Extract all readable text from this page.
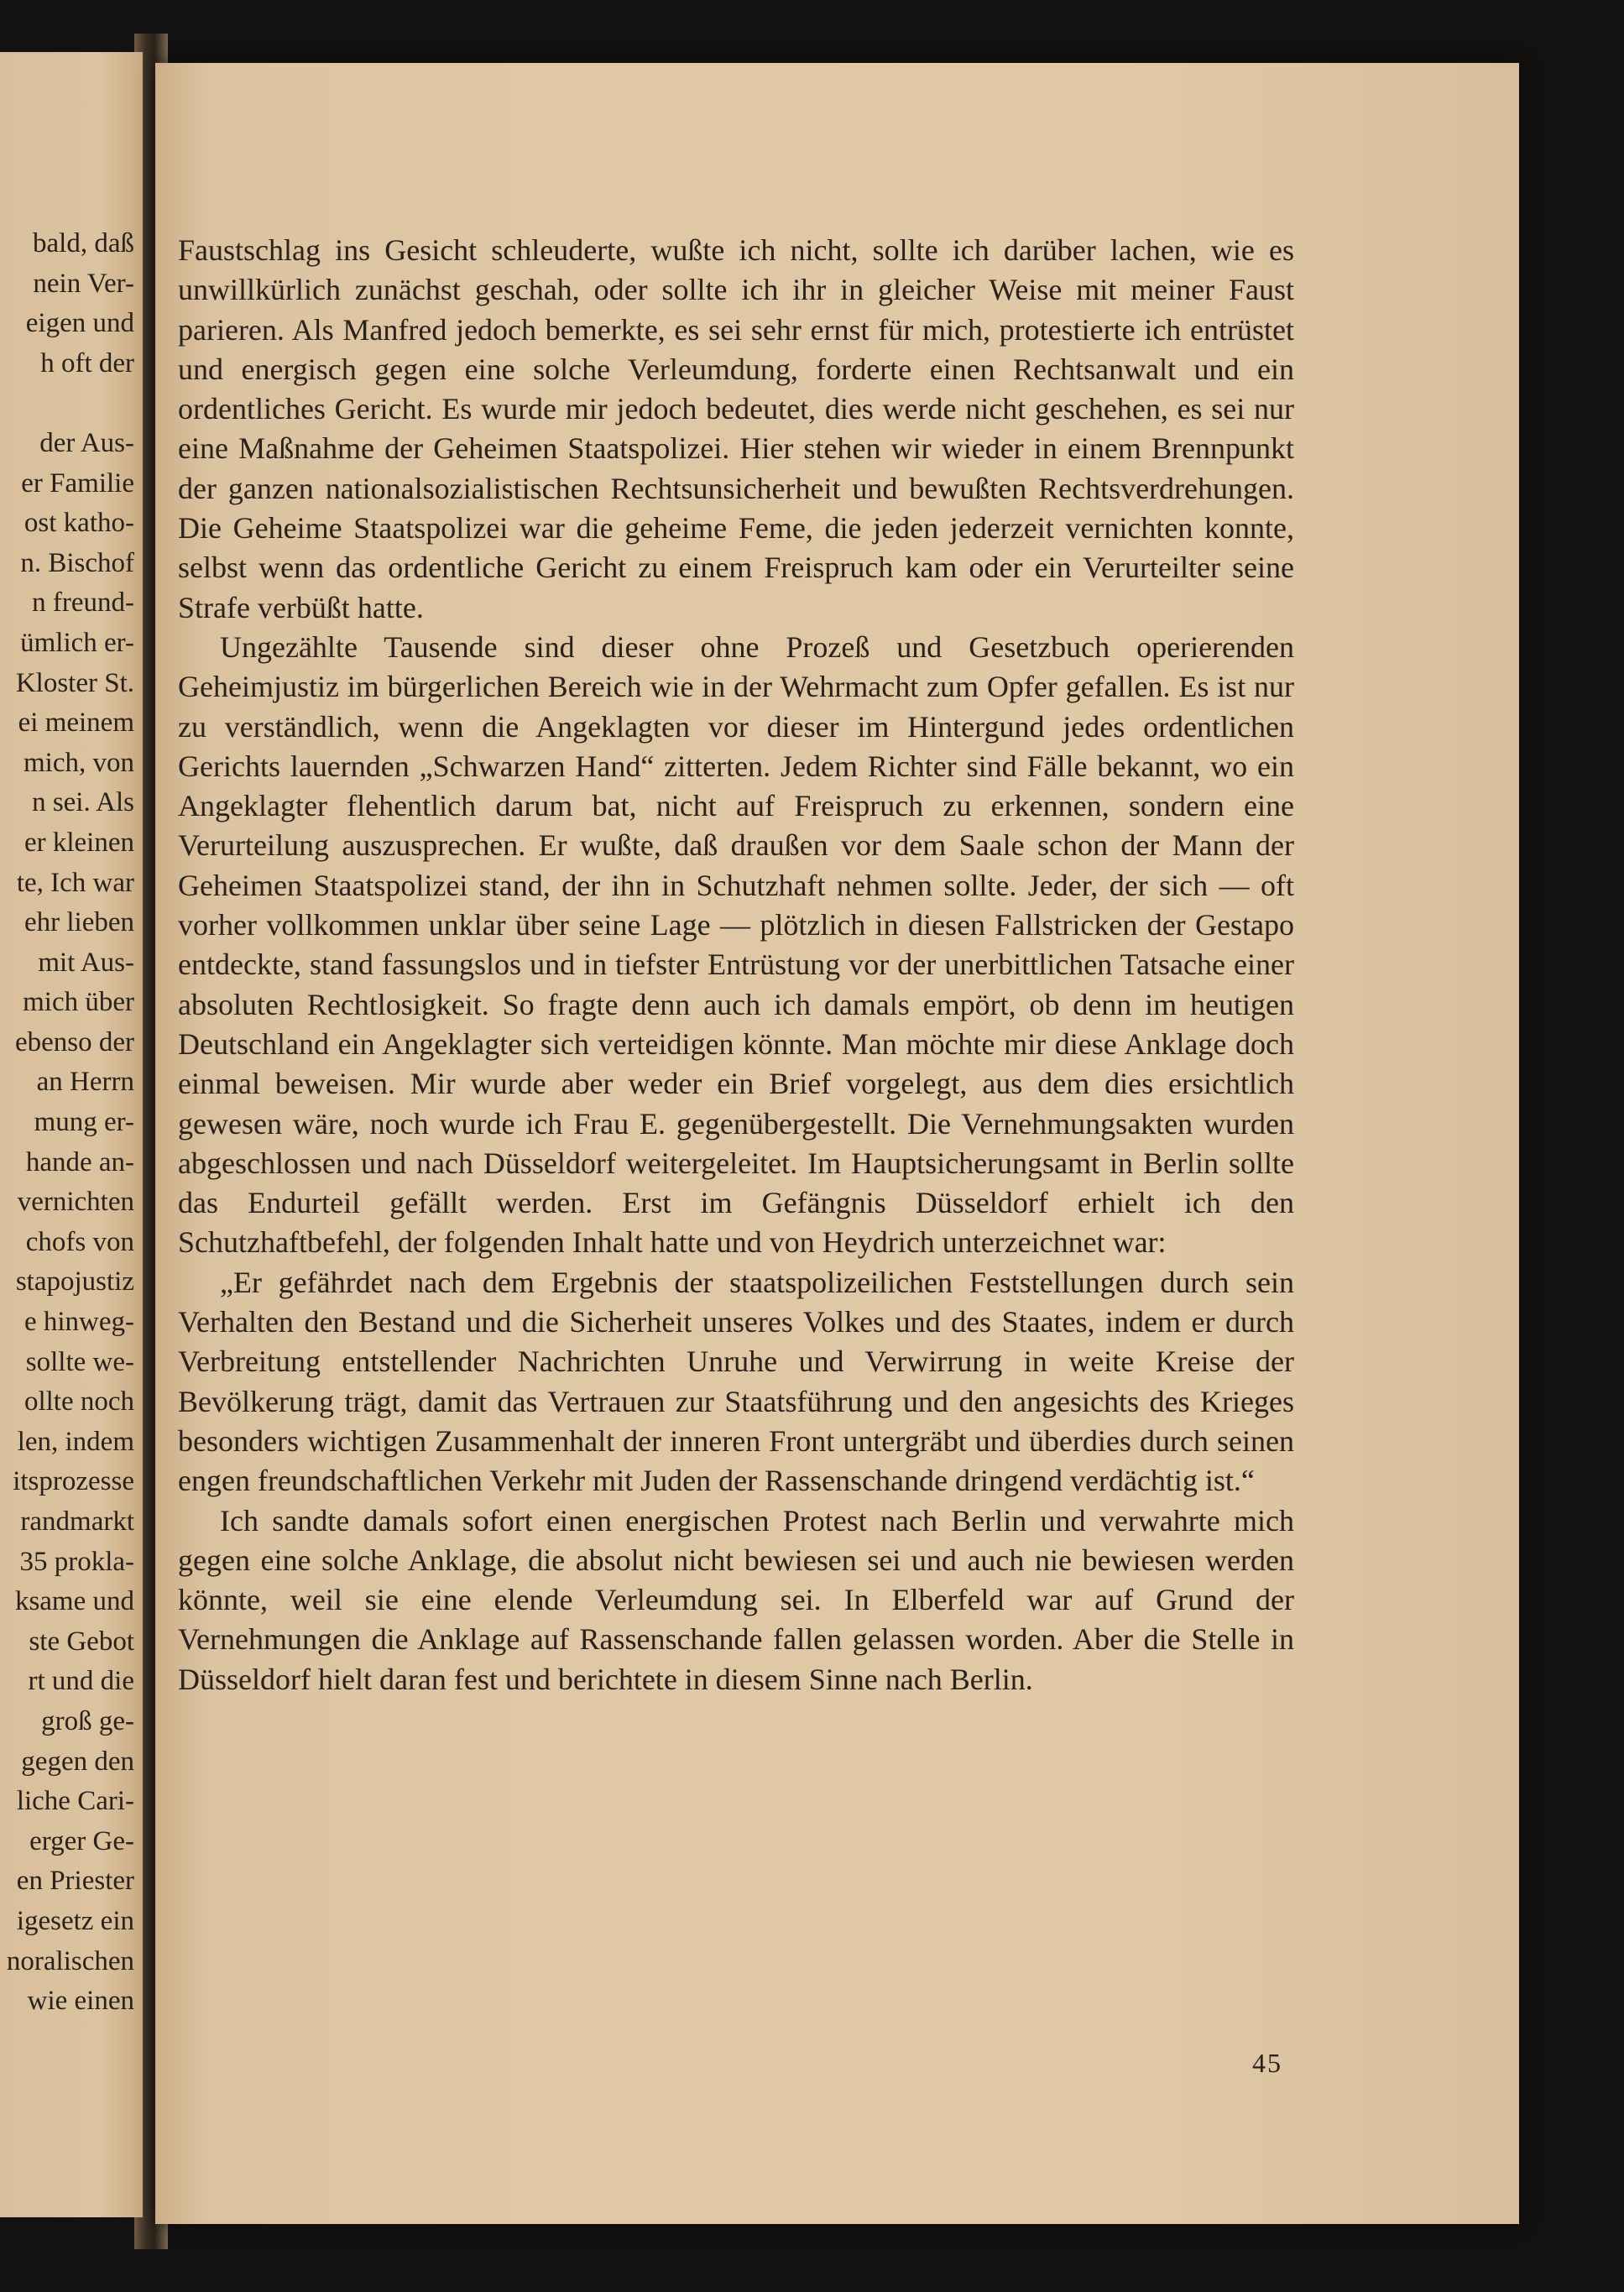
bald, daß
nein Ver-
eigen und
h oft der

der Aus-
er Familie
ost katho-
n. Bischof
n freund-
ümlich er-
Kloster St.
ei meinem
mich, von
n sei. Als
er kleinen
te, Ich war
ehr lieben
mit Aus-
mich über
ebenso der
an Herrn
mung er-
hande an-
vernichten
chofs von
stapojustiz
e hinweg-
sollte we-
ollte noch
len, indem
itsprozesse
randmarkt
35 prokla-
ksame und
ste Gebot
rt und die
groß ge-
gegen den
liche Cari-
erger Ge-
en Priester
igesetz ein
noralischen
wie einen

Faustschlag ins Gesicht schleuderte, wußte ich nicht, sollte ich darüber lachen, wie es unwillkürlich zunächst geschah, oder sollte ich ihr in gleicher Weise mit meiner Faust parieren. Als Manfred jedoch bemerkte, es sei sehr ernst für mich, protestierte ich entrüstet und energisch gegen eine solche Verleumdung, forderte einen Rechtsanwalt und ein ordentliches Gericht. Es wurde mir jedoch bedeutet, dies werde nicht geschehen, es sei nur eine Maßnahme der Geheimen Staatspolizei. Hier stehen wir wieder in einem Brennpunkt der ganzen nationalsozialistischen Rechtsunsicherheit und bewußten Rechtsverdrehungen. Die Geheime Staatspolizei war die geheime Feme, die jeden jederzeit vernichten konnte, selbst wenn das ordentliche Gericht zu einem Freispruch kam oder ein Verurteilter seine Strafe verbüßt hatte.

Ungezählte Tausende sind dieser ohne Prozeß und Gesetzbuch operierenden Geheimjustiz im bürgerlichen Bereich wie in der Wehrmacht zum Opfer gefallen. Es ist nur zu verständlich, wenn die Angeklagten vor dieser im Hintergund jedes ordentlichen Gerichts lauernden „Schwarzen Hand“ zitterten. Jedem Richter sind Fälle bekannt, wo ein Angeklagter flehentlich darum bat, nicht auf Freispruch zu erkennen, sondern eine Verurteilung auszusprechen. Er wußte, daß draußen vor dem Saale schon der Mann der Geheimen Staatspolizei stand, der ihn in Schutzhaft nehmen sollte. Jeder, der sich — oft vorher vollkommen unklar über seine Lage — plötzlich in diesen Fallstricken der Gestapo entdeckte, stand fassungslos und in tiefster Entrüstung vor der unerbittlichen Tatsache einer absoluten Rechtlosigkeit. So fragte denn auch ich damals empört, ob denn im heutigen Deutschland ein Angeklagter sich verteidigen könnte. Man möchte mir diese Anklage doch einmal beweisen. Mir wurde aber weder ein Brief vorgelegt, aus dem dies ersichtlich gewesen wäre, noch wurde ich Frau E. gegenübergestellt. Die Vernehmungsakten wurden abgeschlossen und nach Düsseldorf weitergeleitet. Im Hauptsicherungsamt in Berlin sollte das Endurteil gefällt werden. Erst im Gefängnis Düsseldorf erhielt ich den Schutzhaftbefehl, der folgenden Inhalt hatte und von Heydrich unterzeichnet war:

„Er gefährdet nach dem Ergebnis der staatspolizeilichen Feststellungen durch sein Verhalten den Bestand und die Sicherheit unseres Volkes und des Staates, indem er durch Verbreitung entstellender Nachrichten Unruhe und Verwirrung in weite Kreise der Bevölkerung trägt, damit das Vertrauen zur Staatsführung und den angesichts des Krieges besonders wichtigen Zusammenhalt der inneren Front untergräbt und überdies durch seinen engen freundschaftlichen Verkehr mit Juden der Rassenschande dringend verdächtig ist.“

Ich sandte damals sofort einen energischen Protest nach Berlin und verwahrte mich gegen eine solche Anklage, die absolut nicht bewiesen sei und auch nie bewiesen werden könnte, weil sie eine elende Verleumdung sei. In Elberfeld war auf Grund der Vernehmungen die Anklage auf Rassenschande fallen gelassen worden. Aber die Stelle in Düsseldorf hielt daran fest und berichtete in diesem Sinne nach Berlin.

45
